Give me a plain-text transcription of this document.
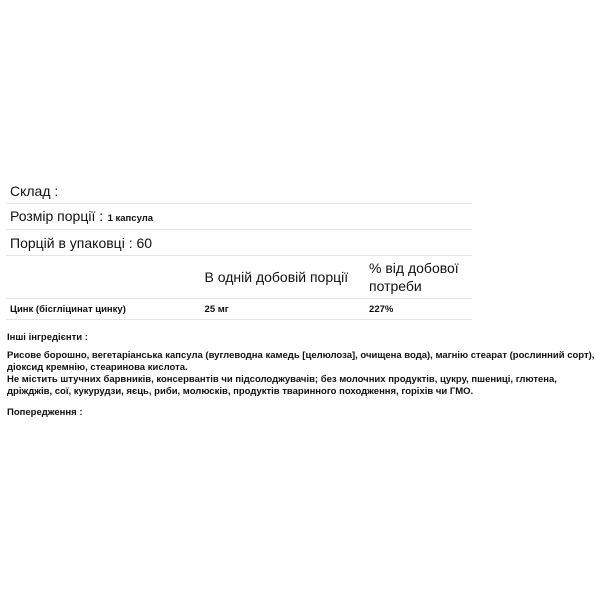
Склад :		
Розмір порції : 1 капсула		
Порцій в упаковці : 60		
	В одній добовій порції	% від добової потреби
Цинк (бісгліцинат цинку)	25 мг	227%

Інші інгредієнти :

Рисове борошно, вегетаріанська капсула (вуглеводна камедь [целюлоза], очищена вода), магнію стеарат (рослинний сорт), діоксид кремнію, стеаринова кислота.

Не містить штучних барвників, консервантів чи підсолоджувачів; без молочних продуктів, цукру, пшениці, глютена, дріжджів, сої, кукурудзи, яєць, риби, молюсків, продуктів тваринного походження, горіхів чи ГМО.

Попередження :
